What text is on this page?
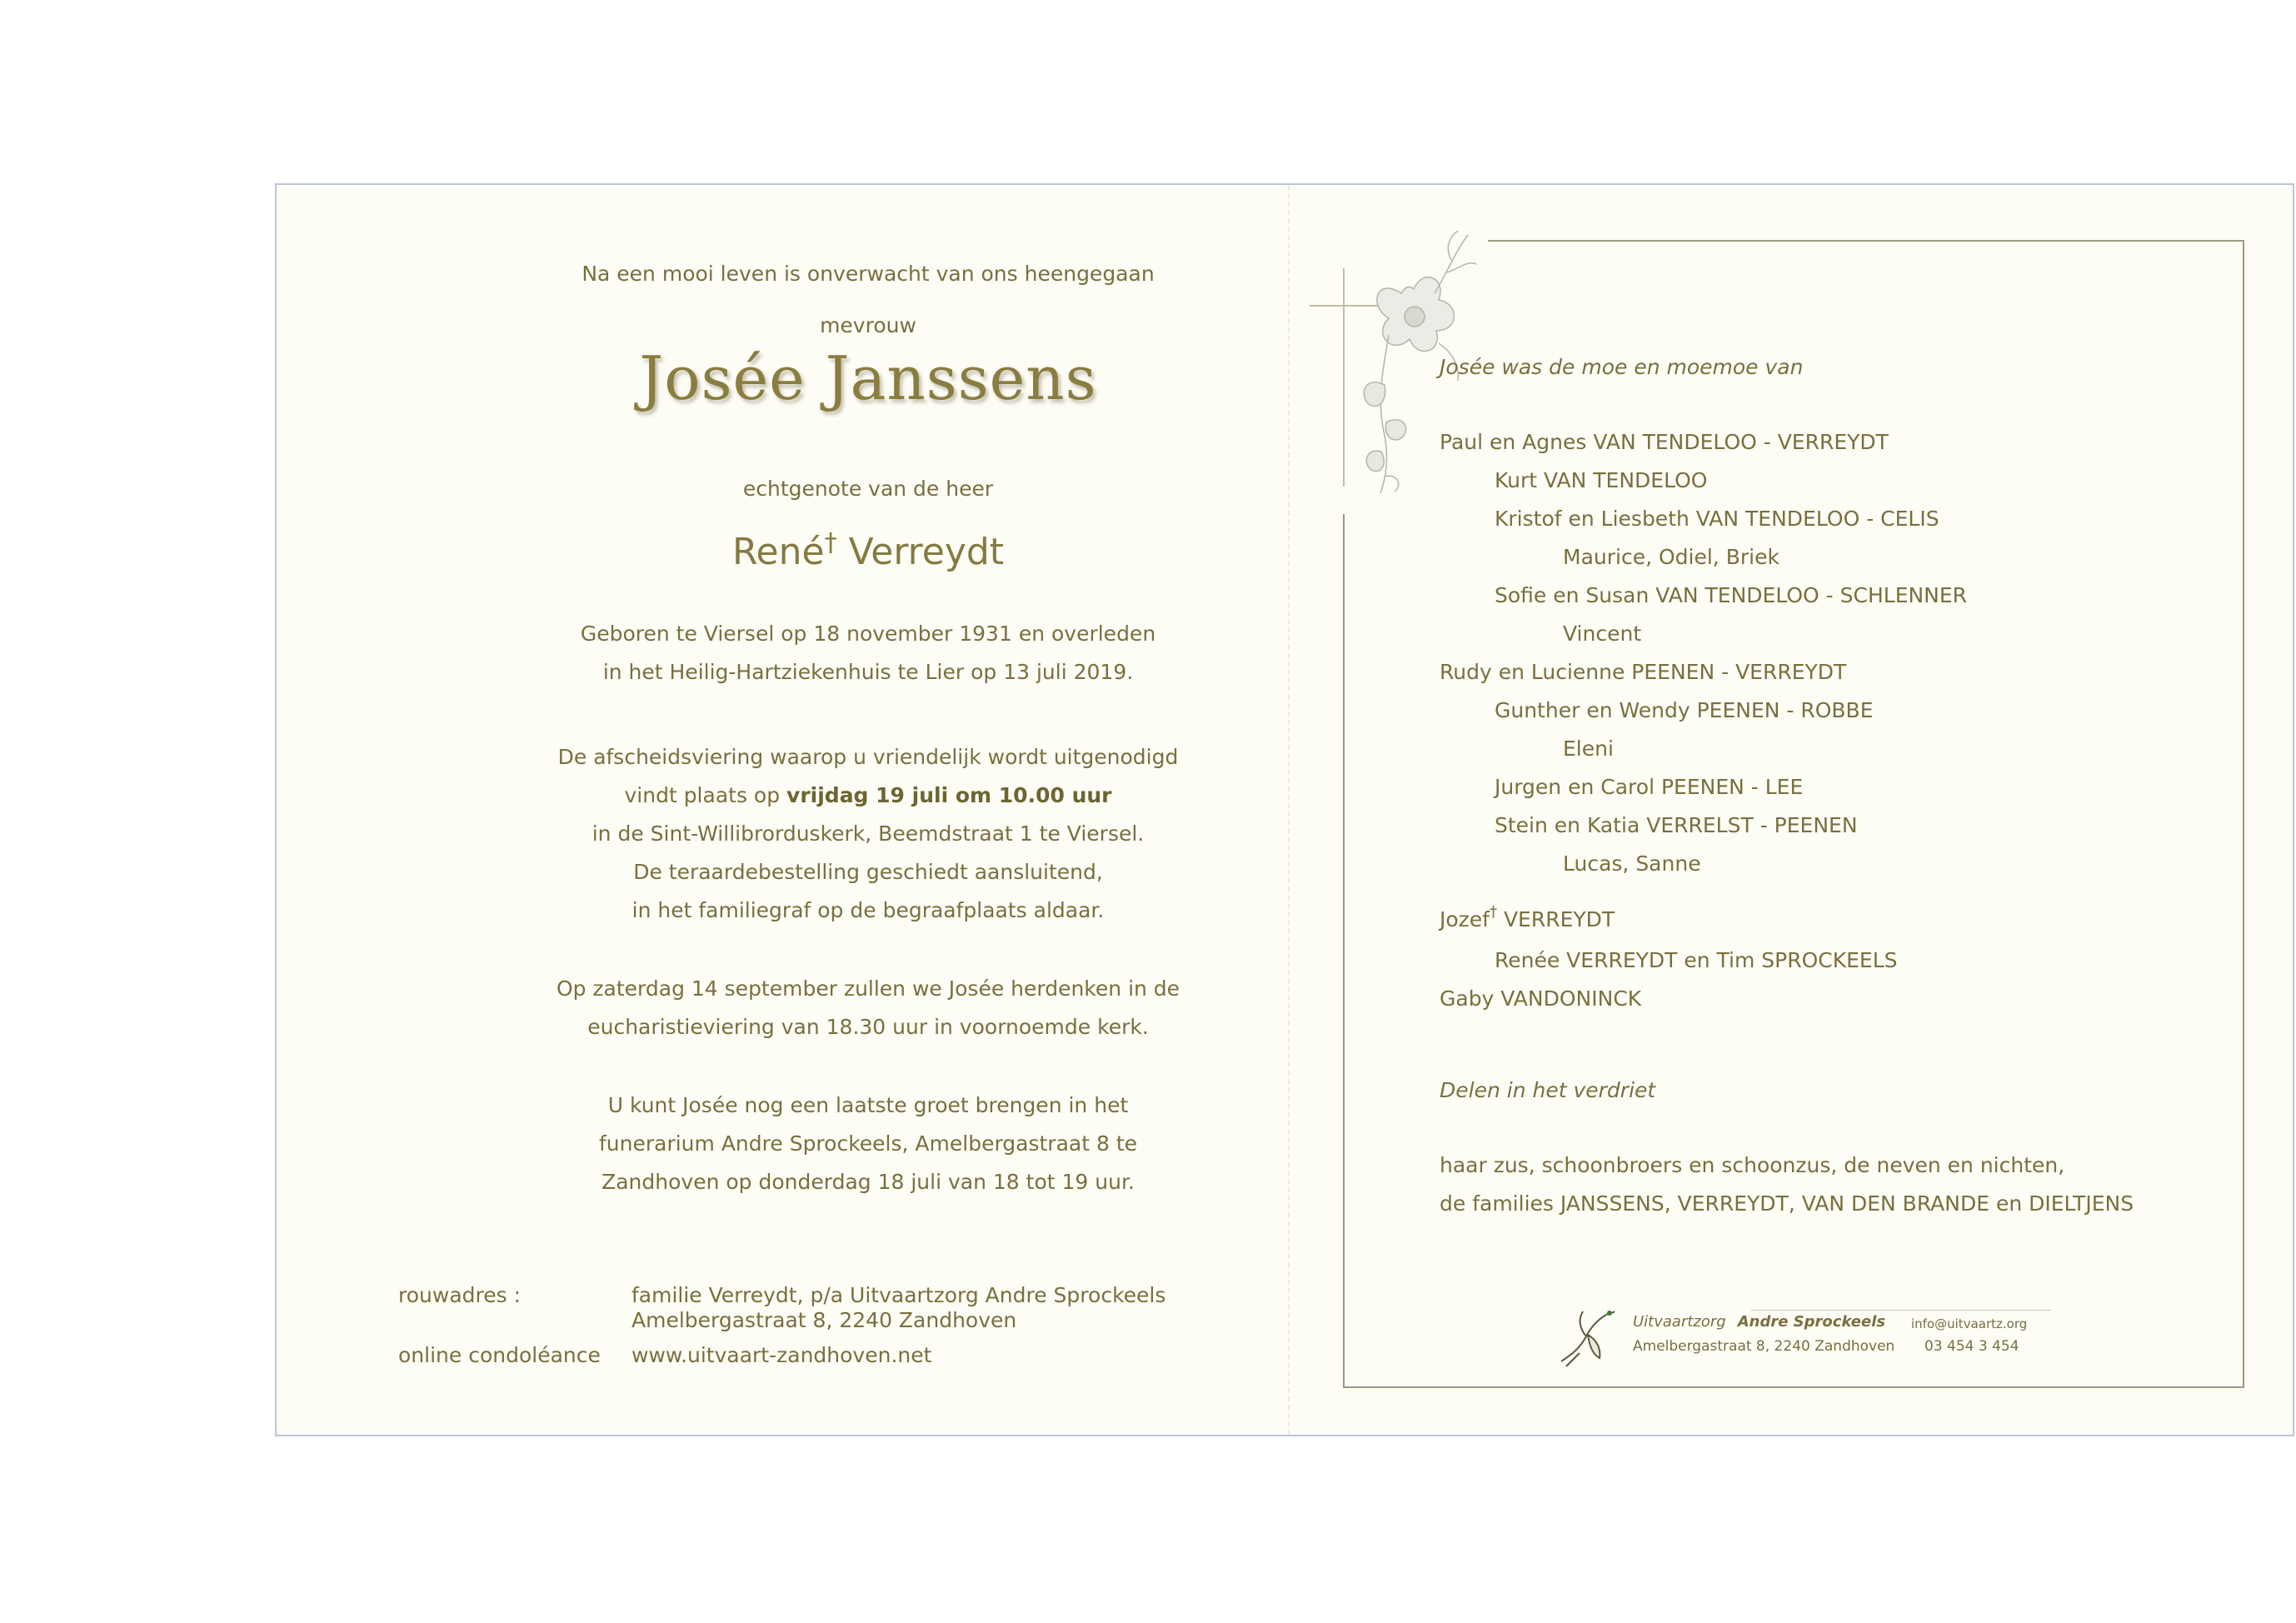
Na een mooi leven is onverwacht van ons heengegaan
mevrouw
Josée Janssens
echtgenote van de heer
René† Verreydt
Geboren te Viersel op 18 november 1931 en overleden
in het Heilig-Hartziekenhuis te Lier op 13 juli 2019.
De afscheidsviering waarop u vriendelijk wordt uitgenodigd
vindt plaats op vrijdag 19 juli om 10.00 uur
in de Sint-Willibrorduskerk, Beemdstraat 1 te Viersel.
De teraardebestelling geschiedt aansluitend,
in het familiegraf op de begraafplaats aldaar.
Op zaterdag 14 september zullen we Josée herdenken in de
eucharistieviering van 18.30 uur in voornoemde kerk.
U kunt Josée nog een laatste groet brengen in het
funerarium Andre Sprockeels, Amelbergastraat 8 te
Zandhoven op donderdag 18 juli van 18 tot 19 uur.
rouwadres :	familie Verreydt, p/a Uitvaartzorg Andre Sprockeels
Amelbergastraat 8, 2240 Zandhoven
online condoléance www.uitvaart-zandhoven.net
Josée was de moe en moemoe van
Paul en Agnes VAN TENDELOO - VERREYDT
Kurt VAN TENDELOO
Kristof en Liesbeth VAN TENDELOO - CELIS
Maurice, Odiel, Briek
Sofie en Susan VAN TENDELOO - SCHLENNER
Vincent
Rudy en Lucienne PEENEN - VERREYDT
Gunther en Wendy PEENEN - ROBBE
Eleni
Jurgen en Carol PEENEN - LEE
Stein en Katia VERRELST - PEENEN
Lucas, Sanne
Jozef† VERREYDT
Renée VERREYDT en Tim SPROCKEELS
Gaby VANDONINCK
Delen in het verdriet
haar zus, schoonbroers en schoonzus, de neven en nichten,
de families JANSSENS, VERREYDT, VAN DEN BRANDE en DIELTJENS
Uitvaartzorg Andre Sprockeels info@uitvaartz.org
Amelbergastraat 8, 2240 Zandhoven 03 454 3 454
